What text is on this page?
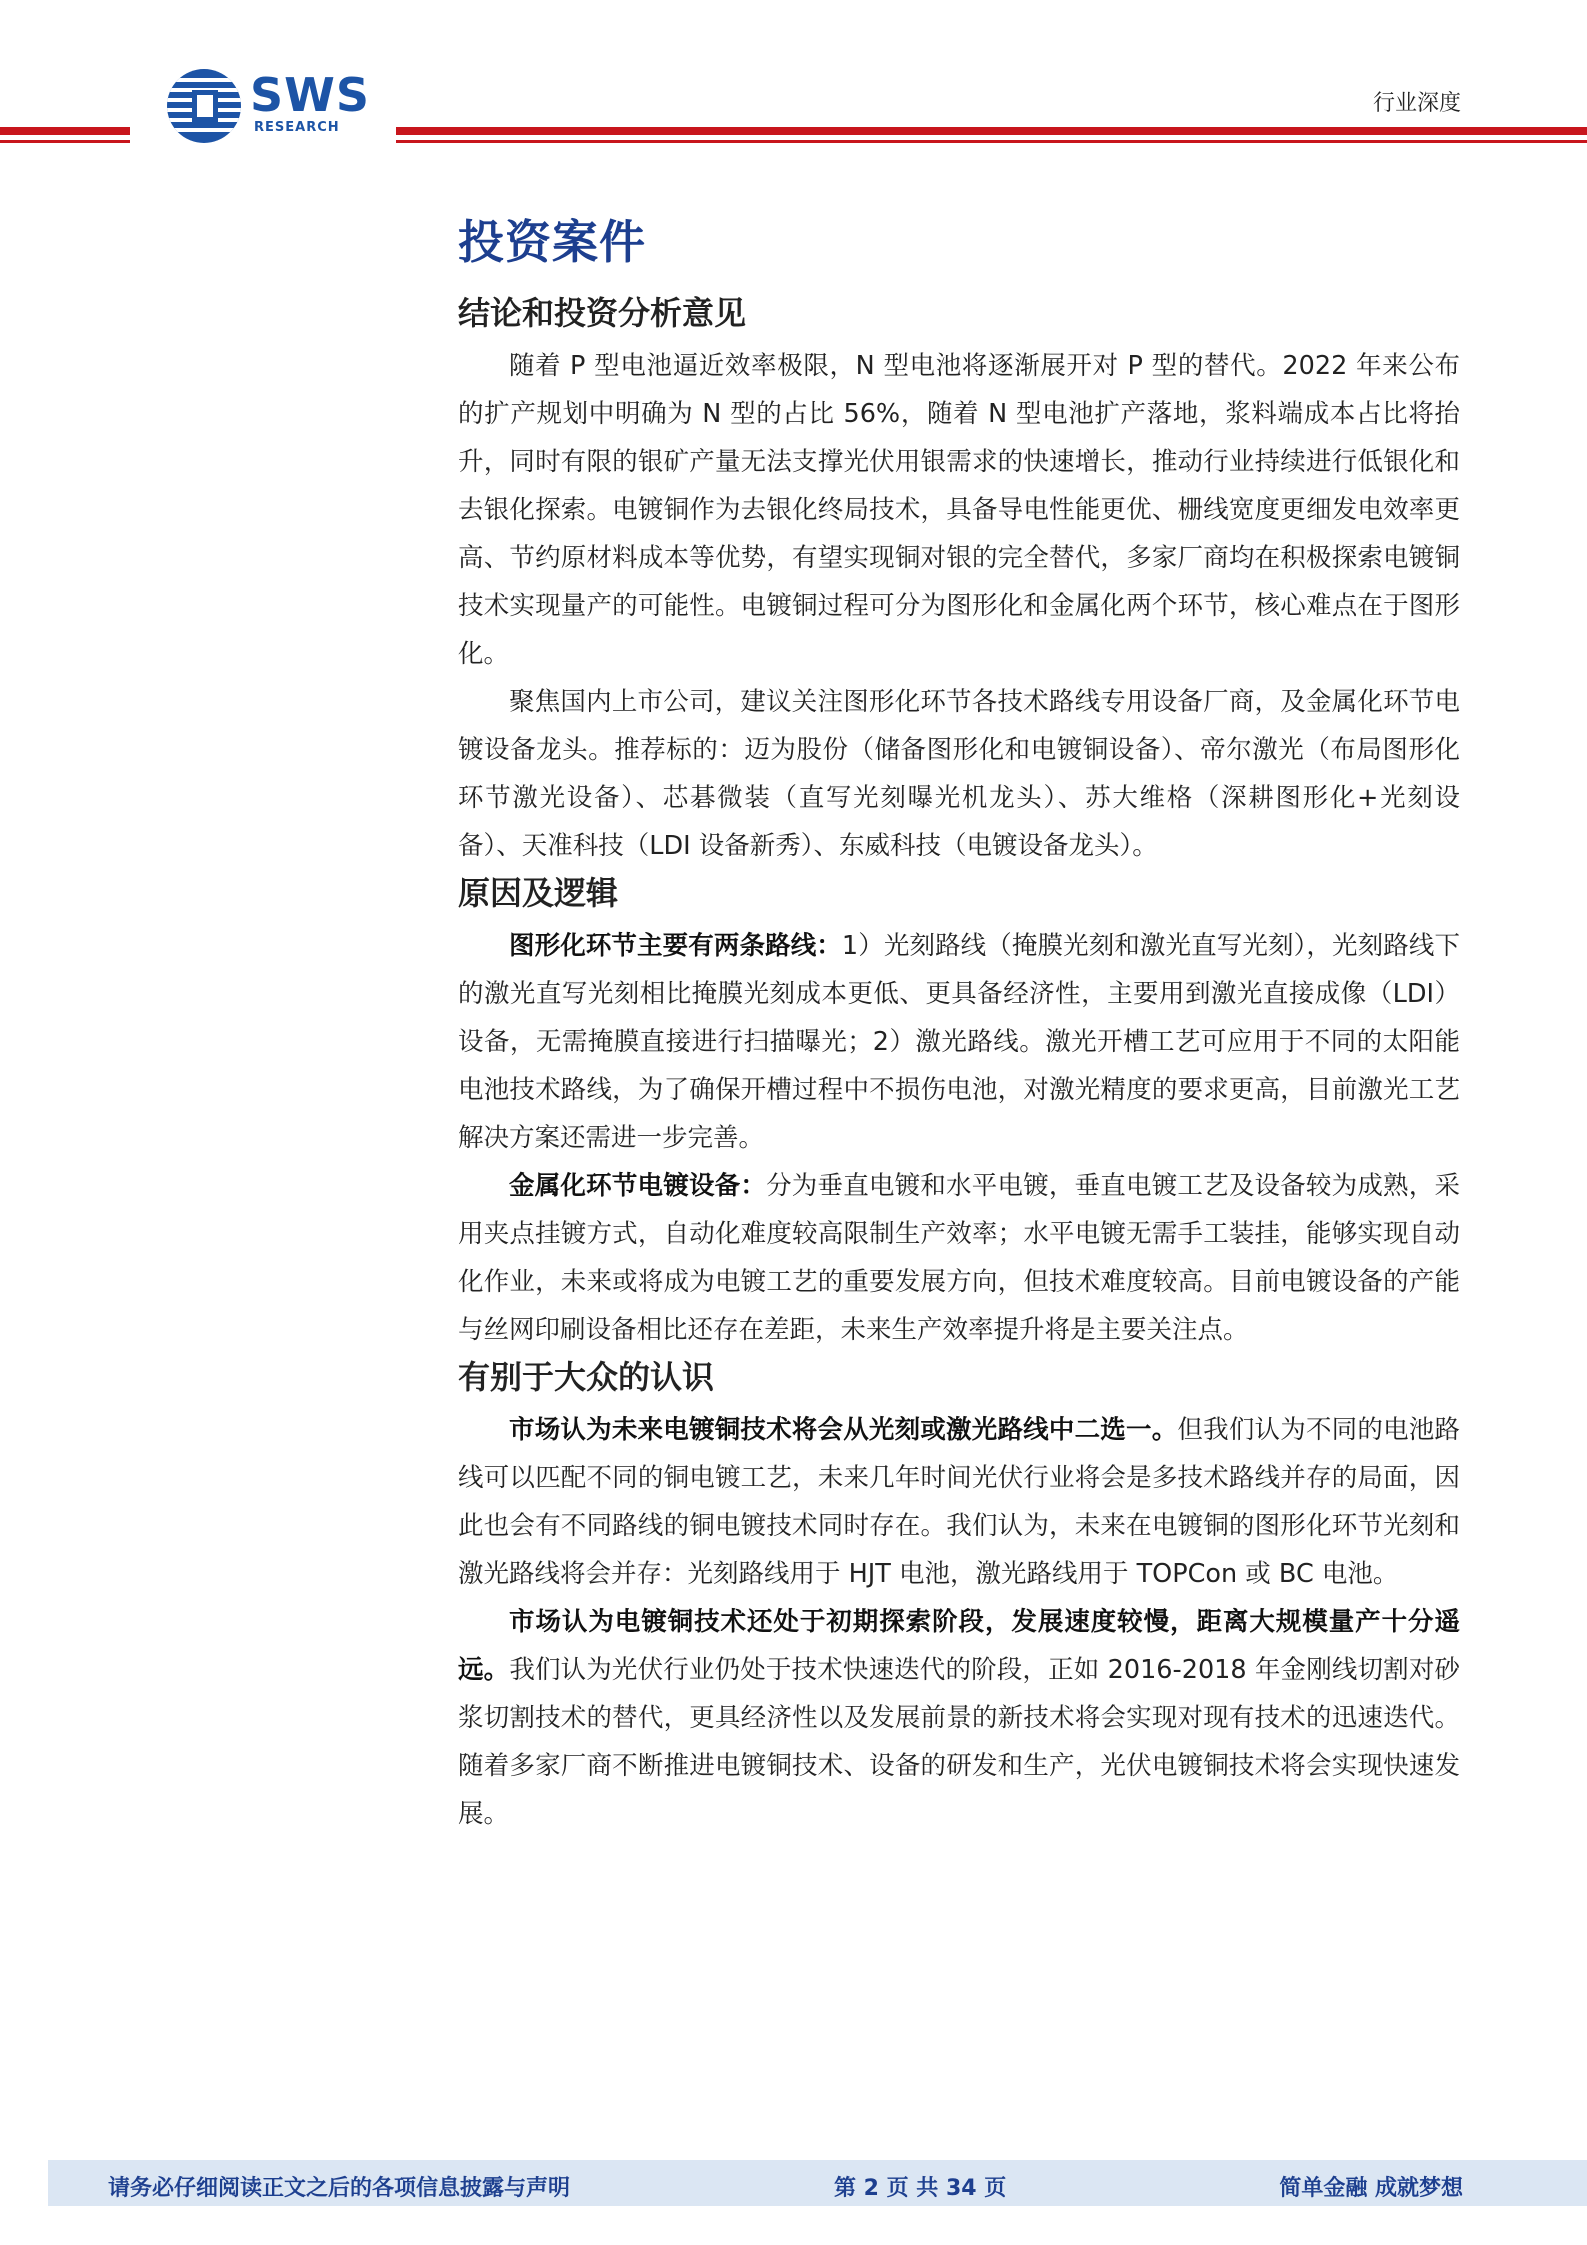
SWS
RESEARCH
行业深度
投资案件
结论和投资分析意见

随着 P 型电池逼近效率极限，N 型电池将逐渐展开对 P 型的替代。2022 年来公布的扩产规划中明确为 N 型的占比 56%，随着 N 型电池扩产落地，浆料端成本占比将抬升，同时有限的银矿产量无法支撑光伏用银需求的快速增长，推动行业持续进行低银化和去银化探索。电镀铜作为去银化终局技术，具备导电性能更优、栅线宽度更细发电效率更高、节约原材料成本等优势，有望实现铜对银的完全替代，多家厂商均在积极探索电镀铜技术实现量产的可能性。电镀铜过程可分为图形化和金属化两个环节，核心难点在于图形化。

聚焦国内上市公司，建议关注图形化环节各技术路线专用设备厂商，及金属化环节电镀设备龙头。推荐标的：迈为股份（储备图形化和电镀铜设备）、帝尔激光（布局图形化环节激光设备）、芯碁微装（直写光刻曝光机龙头）、苏大维格（深耕图形化+光刻设备）、天准科技（LDI 设备新秀）、东威科技（电镀设备龙头）。

原因及逻辑

图形化环节主要有两条路线：1）光刻路线（掩膜光刻和激光直写光刻），光刻路线下的激光直写光刻相比掩膜光刻成本更低、更具备经济性，主要用到激光直接成像（LDI）设备，无需掩膜直接进行扫描曝光；2）激光路线。激光开槽工艺可应用于不同的太阳能电池技术路线，为了确保开槽过程中不损伤电池，对激光精度的要求更高，目前激光工艺解决方案还需进一步完善。

金属化环节电镀设备：分为垂直电镀和水平电镀，垂直电镀工艺及设备较为成熟，采用夹点挂镀方式，自动化难度较高限制生产效率；水平电镀无需手工装挂，能够实现自动化作业，未来或将成为电镀工艺的重要发展方向，但技术难度较高。目前电镀设备的产能与丝网印刷设备相比还存在差距，未来生产效率提升将是主要关注点。

有别于大众的认识

市场认为未来电镀铜技术将会从光刻或激光路线中二选一。但我们认为不同的电池路线可以匹配不同的铜电镀工艺，未来几年时间光伏行业将会是多技术路线并存的局面，因此也会有不同路线的铜电镀技术同时存在。我们认为，未来在电镀铜的图形化环节光刻和激光路线将会并存：光刻路线用于 HJT 电池，激光路线用于 TOPCon 或 BC 电池。

市场认为电镀铜技术还处于初期探索阶段，发展速度较慢，距离大规模量产十分遥远。我们认为光伏行业仍处于技术快速迭代的阶段，正如 2016-2018 年金刚线切割对砂浆切割技术的替代，更具经济性以及发展前景的新技术将会实现对现有技术的迅速迭代。随着多家厂商不断推进电镀铜技术、设备的研发和生产，光伏电镀铜技术将会实现快速发展。

请务必仔细阅读正文之后的各项信息披露与声明	第 2 页 共 34 页	简单金融 成就梦想
